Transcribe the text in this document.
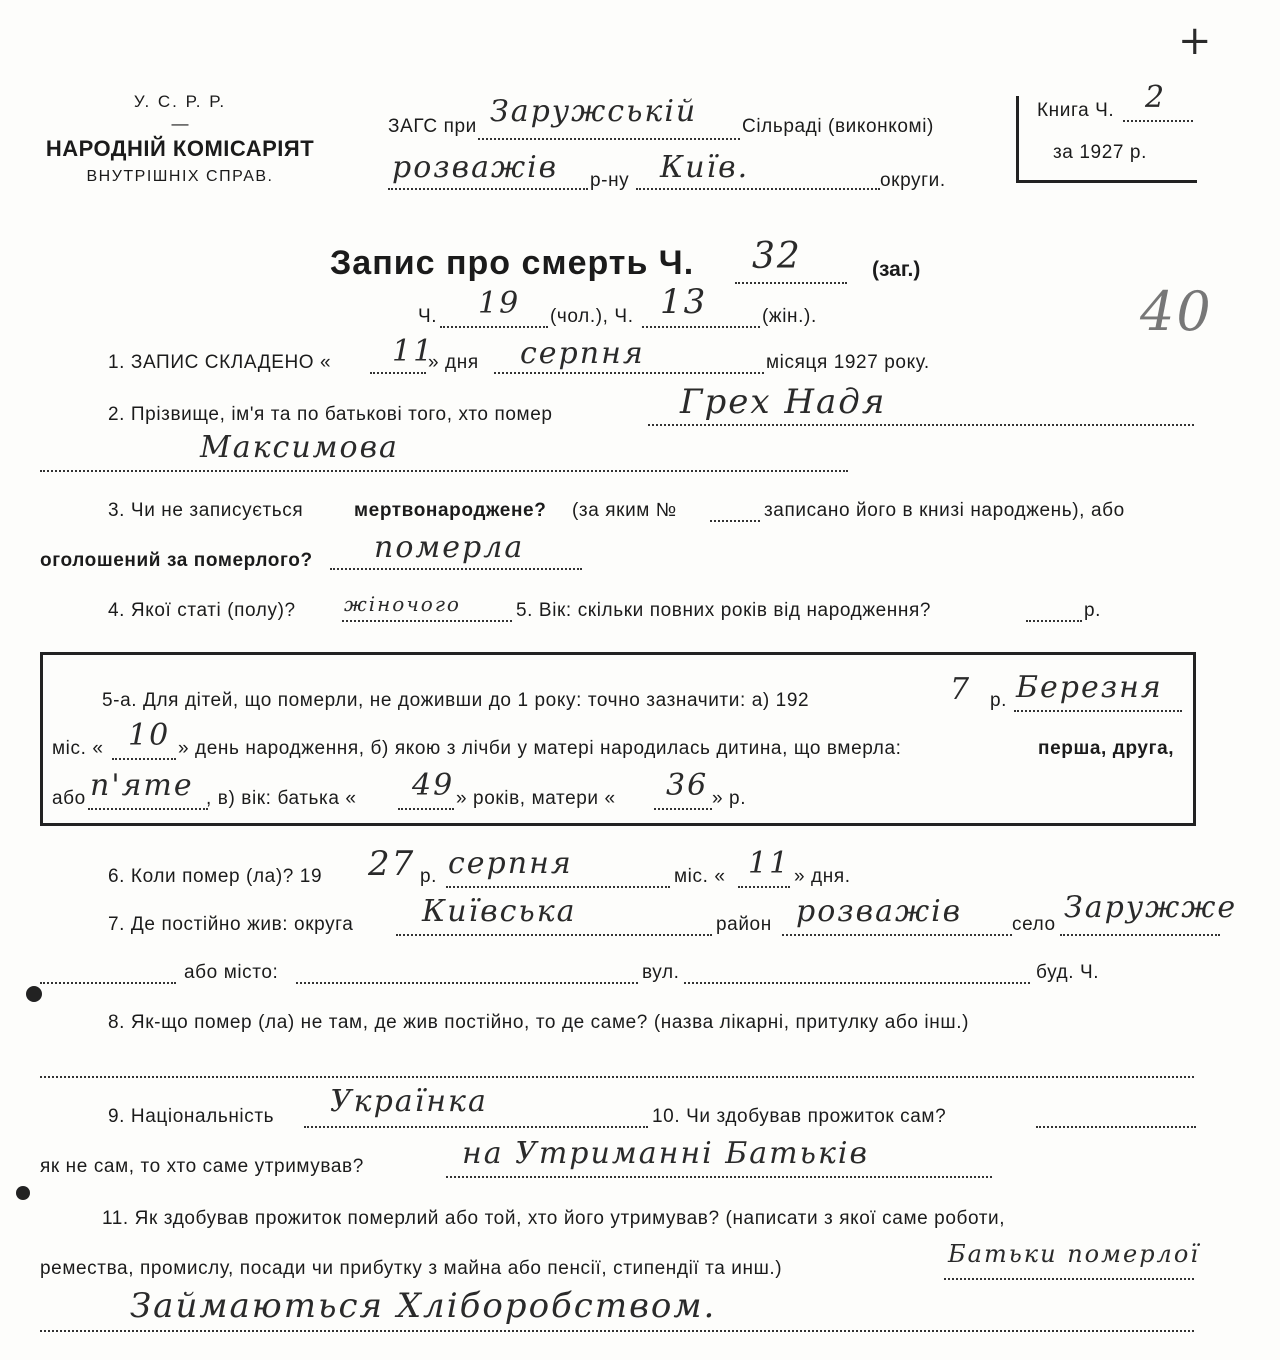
+
У. С. Р. Р.
—
НАРОДНІЙ КОМІСАРІЯТ
ВНУТРІШНІХ СПРАВ.
ЗАГС при Заружській Сільраді (виконкомі)
розважів р-ну Київ.	округи.
Книга Ч. 2
за 1927 р.
40
Запис про смерть Ч. 32	(заг.)
Ч. 19 (чол.), Ч. 13	(жін.).
1. ЗАПИС СКЛАДЕНО « 11
» дня серпня	місяця 1927 року.
2. Прізвище, ім'я та по батькові того, хто помер	Грех Надя
Максимова
3. Чи не записується	мертвонароджене? (за яким №	записано його в книзі народжень), або
оголошений за померлого? померла
4. Якої статі (полу)? жіночого	5. Вік: скільки повних років від народження?	р.
5-а. Для дітей, що померли, не доживши до 1 року: точно зазначити: а) 192	7 р. Березня
міс. « 10 » день народження, б) якою з лічби у матері народилась дитина, що вмерла:	перша, друга,
або п'яте , в) вік: батька « 49 » років, матери « 36 » р.
6. Коли помер (ла)? 19 27 р. серпня	міс. « 11 » дня.
7. Де постійно жив: округа Київська	район розважів	село Заружже
або місто:	вул.	буд. Ч.
8. Як-що помер (ла) не там, де жив постійно, то де саме? (назва лікарні, притулку або інш.)
9. Національність Українка	10. Чи здобував прожиток сам?
як не сам, то хто саме утримував?	на Утриманні Батьків
11. Як здобував прожиток померлий або той, хто його утримував? (написати з якої саме роботи,
ремества, промислу, посади чи прибутку з майна або пенсії, стипендії та инш.)
Батьки померлої
Займаються Хліборобством.
